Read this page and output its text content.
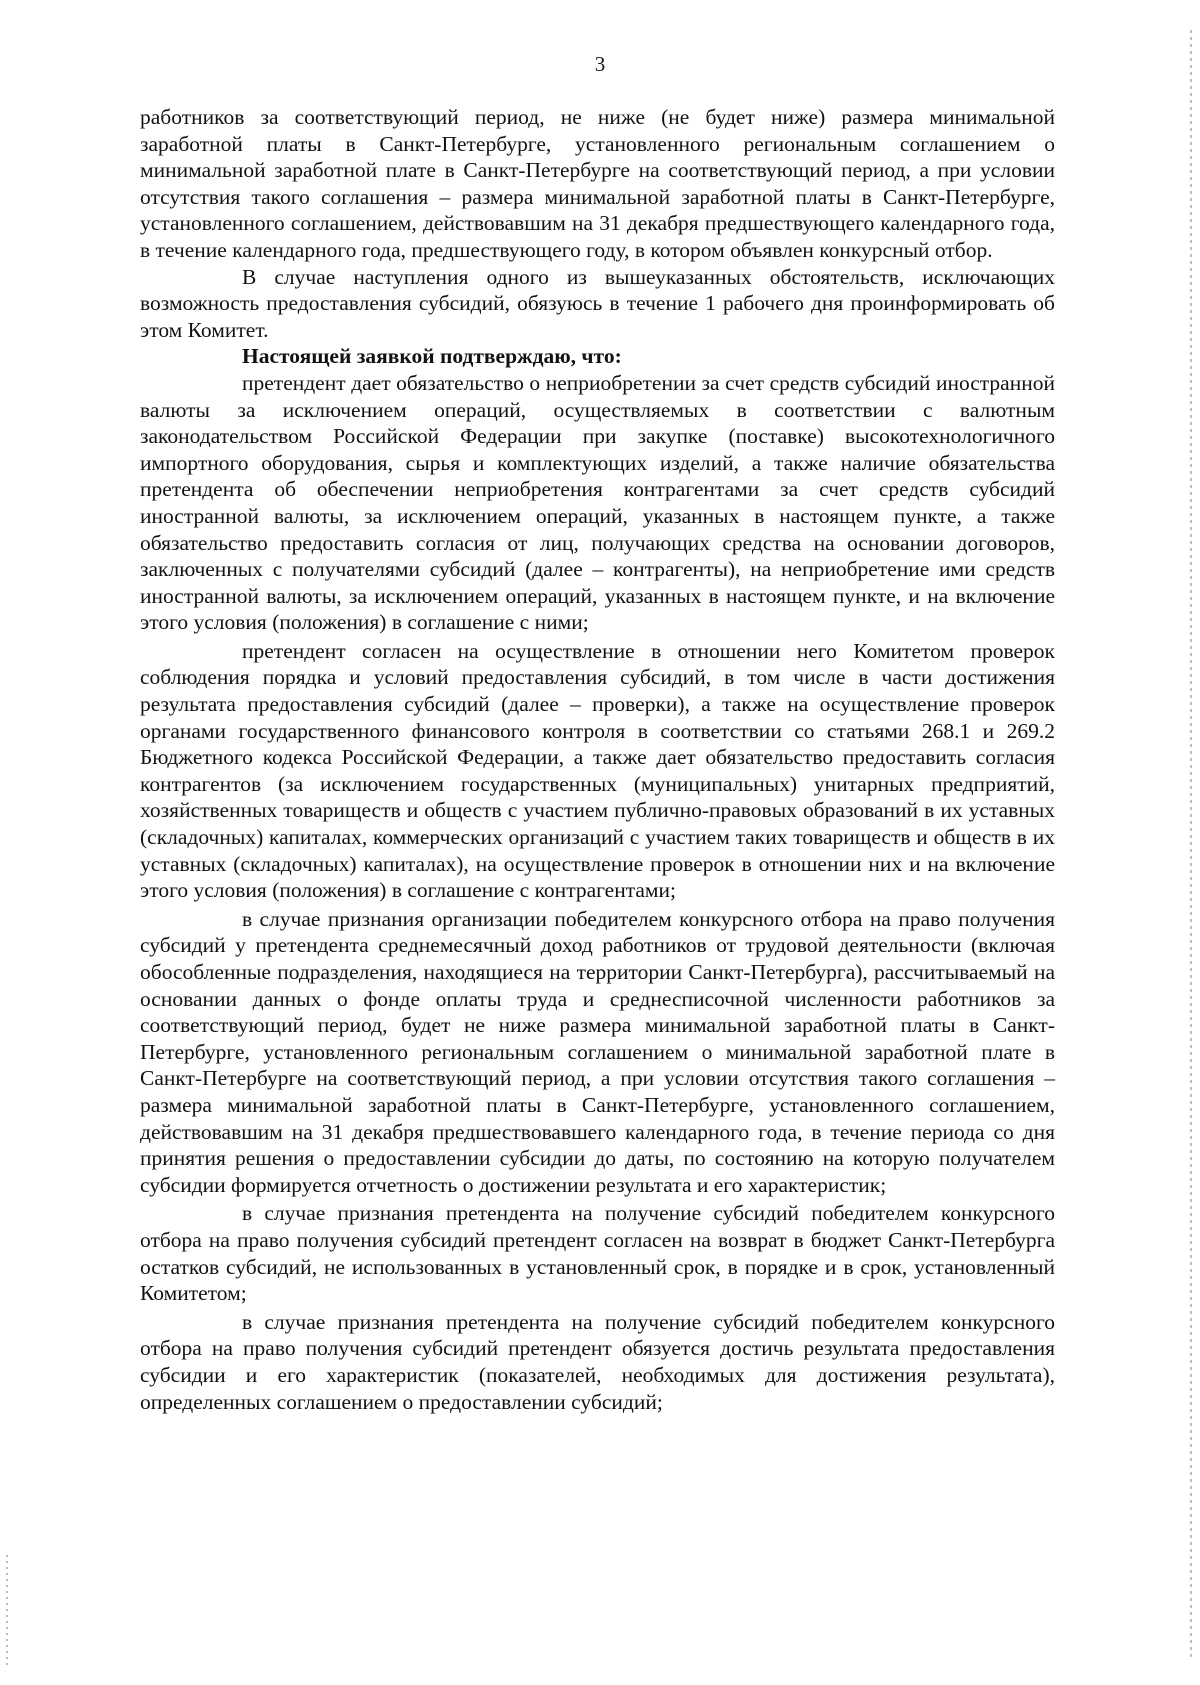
3

работников за соответствующий период, не ниже (не будет ниже) размера минимальной заработной платы в Санкт-Петербурге, установленного региональным соглашением о минимальной заработной плате в Санкт-Петербурге на соответствующий период, а при условии отсутствия такого соглашения – размера минимальной заработной платы в Санкт-Петербурге, установленного соглашением, действовавшим на 31 декабря предшествующего календарного года, в течение календарного года, предшествующего году, в котором объявлен конкурсный отбор.

В случае наступления одного из вышеуказанных обстоятельств, исключающих возможность предоставления субсидий, обязуюсь в течение 1 рабочего дня проинформировать об этом Комитет.

Настоящей заявкой подтверждаю, что:

претендент дает обязательство о неприобретении за счет средств субсидий иностранной валюты за исключением операций, осуществляемых в соответствии с валютным законодательством Российской Федерации при закупке (поставке) высокотехнологичного импортного оборудования, сырья и комплектующих изделий, а также наличие обязательства претендента об обеспечении неприобретения контрагентами за счет средств субсидий иностранной валюты, за исключением операций, указанных в настоящем пункте, а также обязательство предоставить согласия от лиц, получающих средства на основании договоров, заключенных с получателями субсидий (далее – контрагенты), на неприобретение ими средств иностранной валюты, за исключением операций, указанных в настоящем пункте, и на включение этого условия (положения) в соглашение с ними;

претендент согласен на осуществление в отношении него Комитетом проверок соблюдения порядка и условий предоставления субсидий, в том числе в части достижения результата предоставления субсидий (далее – проверки), а также на осуществление проверок органами государственного финансового контроля в соответствии со статьями 268.1 и 269.2 Бюджетного кодекса Российской Федерации, а также дает обязательство предоставить согласия контрагентов (за исключением государственных (муниципальных) унитарных предприятий, хозяйственных товариществ и обществ с участием публично-правовых образований в их уставных (складочных) капиталах, коммерческих организаций с участием таких товариществ и обществ в их уставных (складочных) капиталах), на осуществление проверок в отношении них и на включение этого условия (положения) в соглашение с контрагентами;

в случае признания организации победителем конкурсного отбора на право получения субсидий у претендента среднемесячный доход работников от трудовой деятельности (включая обособленные подразделения, находящиеся на территории Санкт-Петербурга), рассчитываемый на основании данных о фонде оплаты труда и среднесписочной численности работников за соответствующий период, будет не ниже размера минимальной заработной платы в Санкт-Петербурге, установленного региональным соглашением о минимальной заработной плате в Санкт-Петербурге на соответствующий период, а при условии отсутствия такого соглашения – размера минимальной заработной платы в Санкт-Петербурге, установленного соглашением, действовавшим на 31 декабря предшествовавшего календарного года, в течение периода со дня принятия решения о предоставлении субсидии до даты, по состоянию на которую получателем субсидии формируется отчетность о достижении результата и его характеристик;

в случае признания претендента на получение субсидий победителем конкурсного отбора на право получения субсидий претендент согласен на возврат в бюджет Санкт-Петербурга остатков субсидий, не использованных в установленный срок, в порядке и в срок, установленный Комитетом;

в случае признания претендента на получение субсидий победителем конкурсного отбора на право получения субсидий претендент обязуется достичь результата предоставления субсидии и его характеристик (показателей, необходимых для достижения результата), определенных соглашением о предоставлении субсидий;
